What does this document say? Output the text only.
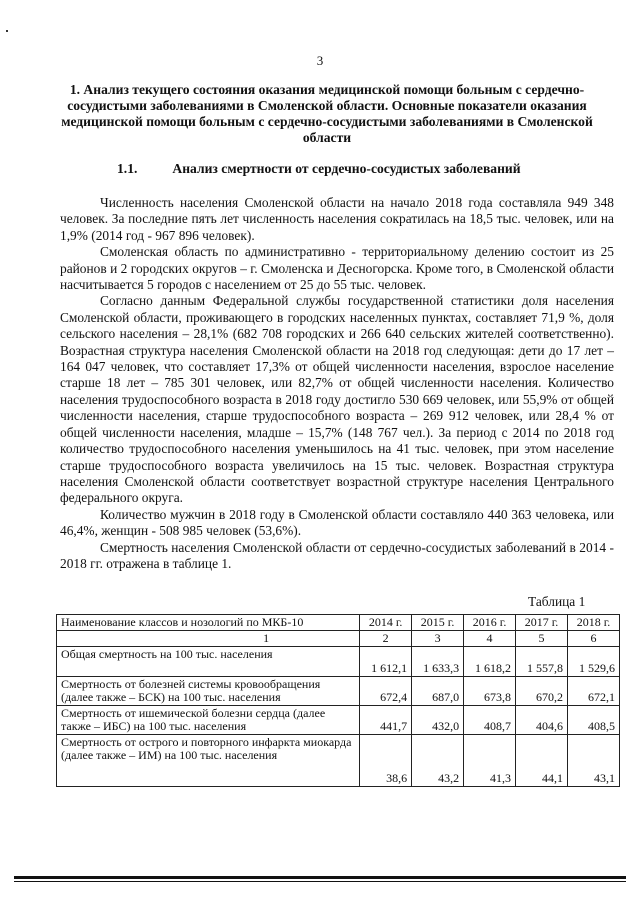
3
1. Анализ текущего состояния оказания медицинской помощи больным с сердечно-сосудистыми заболеваниями в Смоленской области. Основные показатели оказания медицинской помощи больным с сердечно-сосудистыми заболеваниями в Смоленской области
1.1.	Анализ смертности от сердечно-сосудистых заболеваний

Численность населения Смоленской области на начало 2018 года составляла 949 348 человек. За последние пять лет численность населения сократилась на 18,5 тыс. человек, или на 1,9% (2014 год - 967 896 человек).

Смоленская область по административно - территориальному делению состоит из 25 районов и 2 городских округов – г. Смоленска и Десногорска. Кроме того, в Смоленской области насчитывается 5 городов с населением от 25 до 55 тыс. человек.

Согласно данным Федеральной службы государственной статистики доля населения Смоленской области, проживающего в городских населенных пунктах, составляет 71,9 %, доля сельского населения – 28,1% (682 708 городских и 266 640 сельских жителей соответственно). Возрастная структура населения Смоленской области на 2018 год следующая: дети до 17 лет – 164 047 человек, что составляет 17,3% от общей численности населения, взрослое население старше 18 лет – 785 301 человек, или 82,7% от общей численности населения. Количество населения трудоспособного возраста в 2018 году достигло 530 669 человек, или 55,9% от общей численности населения, старше трудоспособного возраста – 269 912 человек, или 28,4 % от общей численности населения, младше – 15,7% (148 767 чел.). За период с 2014 по 2018 год количество трудоспособного населения уменьшилось на 41 тыс. человек, при этом население старше трудоспособного возраста увеличилось на 15 тыс. человек. Возрастная структура населения Смоленской области соответствует возрастной структуре населения Центрального федерального округа.

Количество мужчин в 2018 году в Смоленской области составляло 440 363 человека, или 46,4%, женщин - 508 985 человек (53,6%).

Смертность населения Смоленской области от сердечно-сосудистых заболеваний в 2014 - 2018 гг. отражена в таблице 1.

Таблица 1
Наименование классов и нозологий по МКБ-10	2014 г.	2015 г.	2016 г.	2017 г.	2018 г.
1	2	3	4	5	6
Общая смертность на 100 тыс. населения	1 612,1	1 633,3	1 618,2	1 557,8	1 529,6
Смертность от болезней системы кровообращения (далее также – БСК) на 100 тыс. населения	672,4	687,0	673,8	670,2	672,1
Смертность от ишемической болезни сердца (далее также – ИБС) на 100 тыс. населения	441,7	432,0	408,7	404,6	408,5
Смертность от острого и повторного инфаркта миокарда (далее также – ИМ) на 100 тыс. населения	38,6	43,2	41,3	44,1	43,1
